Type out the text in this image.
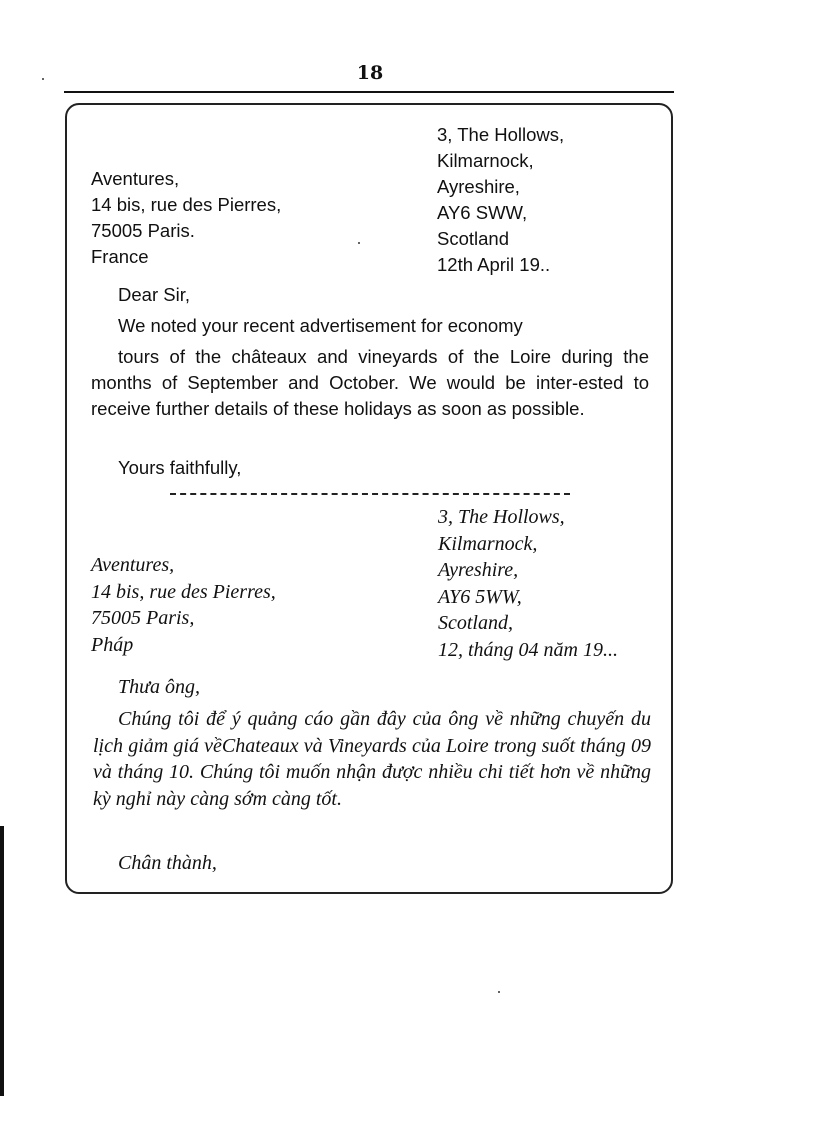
18
3, The Hollows,
Kilmarnock,
Ayreshire,
AY6 SWW,
Scotland
12th April 19..
Aventures,
14 bis, rue des Pierres,
75005 Paris.
France
Dear Sir,
We noted your recent advertisement for economy
tours of the châteaux and vineyards of the Loire during the months of September and October. We would be inter-ested to receive further details of these holidays as soon as possible.
Yours faithfully,
3, The Hollows,
Kilmarnock,
Ayreshire,
AY6 5WW,
Scotland,
12, tháng 04 năm 19...
Aventures,
14 bis, rue des Pierres,
75005 Paris,
Pháp
Thưa ông,
Chúng tôi để ý quảng cáo gần đây của ông về những chuyến du lịch giảm giá vềChateaux và Vineyards của Loire trong suốt tháng 09 và tháng 10. Chúng tôi muốn nhận được nhiều chi tiết hơn về những kỳ nghỉ này càng sớm càng tốt.
Chân thành,
